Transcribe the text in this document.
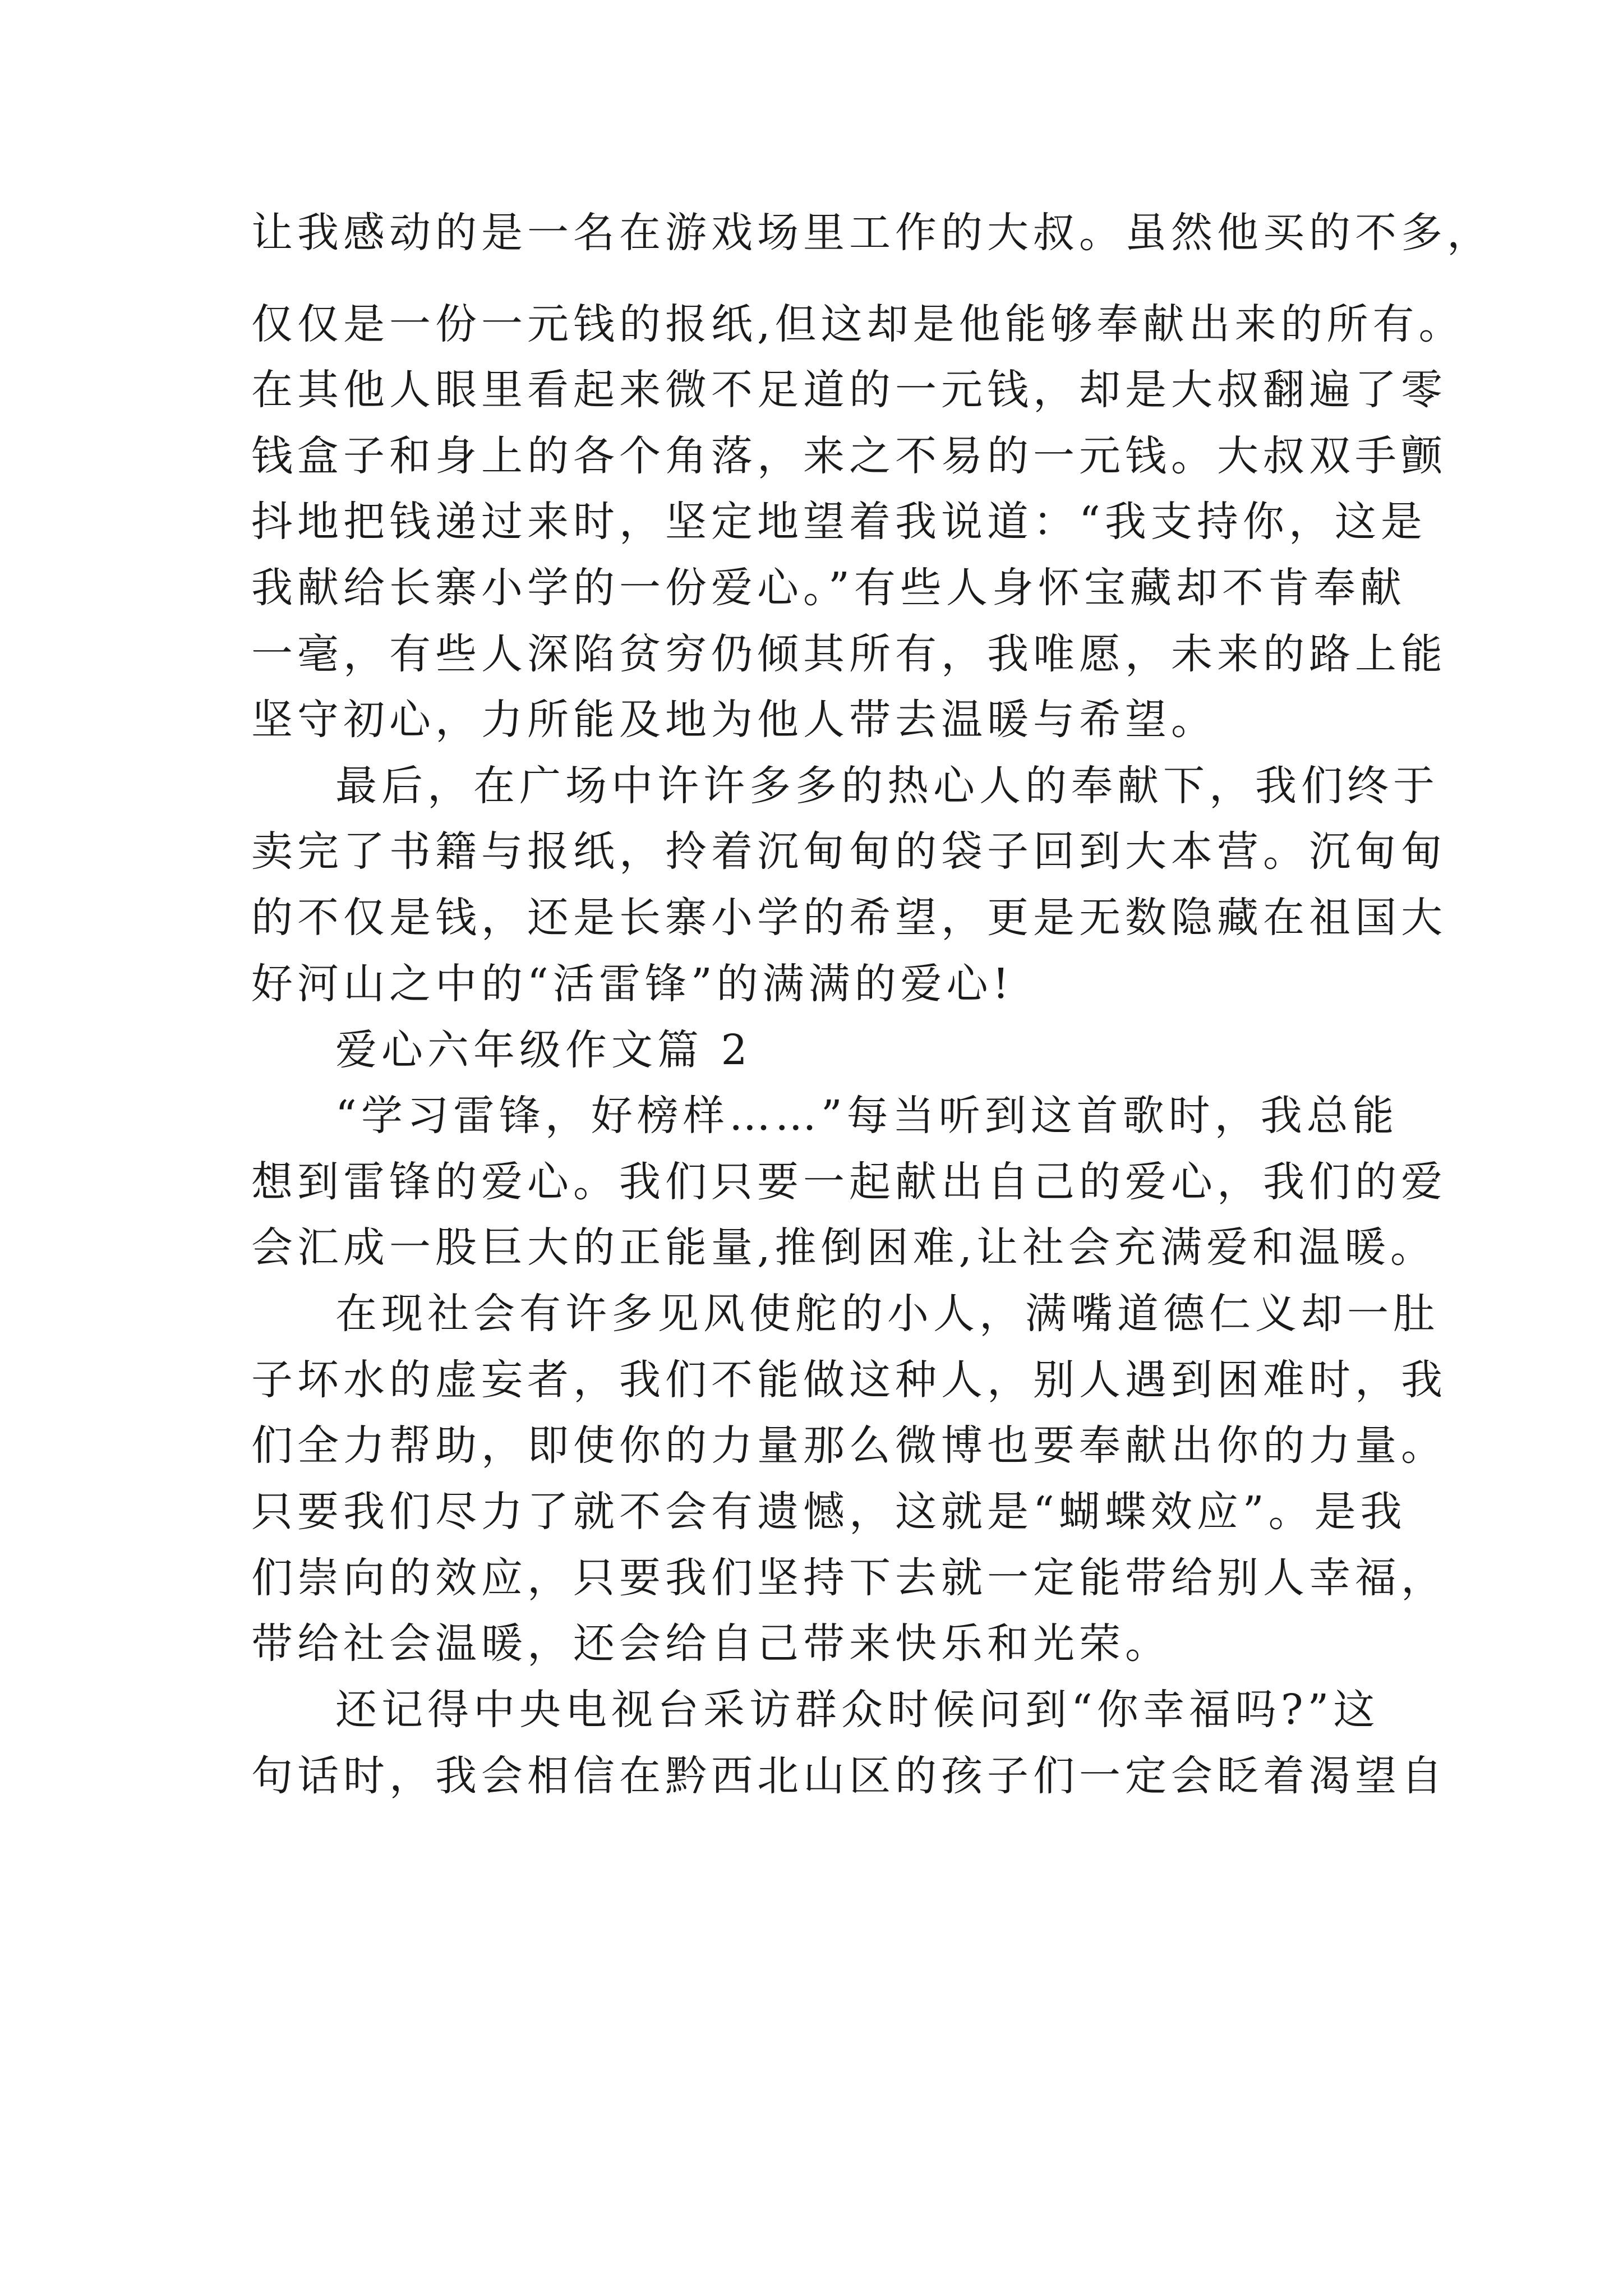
让我感动的是一名在游戏场里工作的大叔。虽然他买的不多，
仅仅是一份一元钱的报纸,但这却是他能够奉献出来的所有。
在其他人眼里看起来微不足道的一元钱，却是大叔翻遍了零
钱盒子和身上的各个角落，来之不易的一元钱。大叔双手颤
抖地把钱递过来时，坚定地望着我说道：“我支持你，这是
我献给长寨小学的一份爱心。”有些人身怀宝藏却不肯奉献
一毫，有些人深陷贫穷仍倾其所有，我唯愿，未来的路上能
坚守初心，力所能及地为他人带去温暖与希望。
最后，在广场中许许多多的热心人的奉献下，我们终于
卖完了书籍与报纸，拎着沉甸甸的袋子回到大本营。沉甸甸
的不仅是钱，还是长寨小学的希望，更是无数隐藏在祖国大
好河山之中的“活雷锋”的满满的爱心!
爱心六年级作文篇 2
“学习雷锋，好榜样……”每当听到这首歌时，我总能
想到雷锋的爱心。我们只要一起献出自己的爱心，我们的爱
会汇成一股巨大的正能量,推倒困难,让社会充满爱和温暖。
在现社会有许多见风使舵的小人，满嘴道德仁义却一肚
子坏水的虚妄者，我们不能做这种人，别人遇到困难时，我
们全力帮助，即使你的力量那么微博也要奉献出你的力量。
只要我们尽力了就不会有遗憾，这就是“蝴蝶效应”。是我
们崇向的效应，只要我们坚持下去就一定能带给别人幸福，
带给社会温暖，还会给自己带来快乐和光荣。
还记得中央电视台采访群众时候问到“你幸福吗?”这
句话时，我会相信在黔西北山区的孩子们一定会眨着渴望自
